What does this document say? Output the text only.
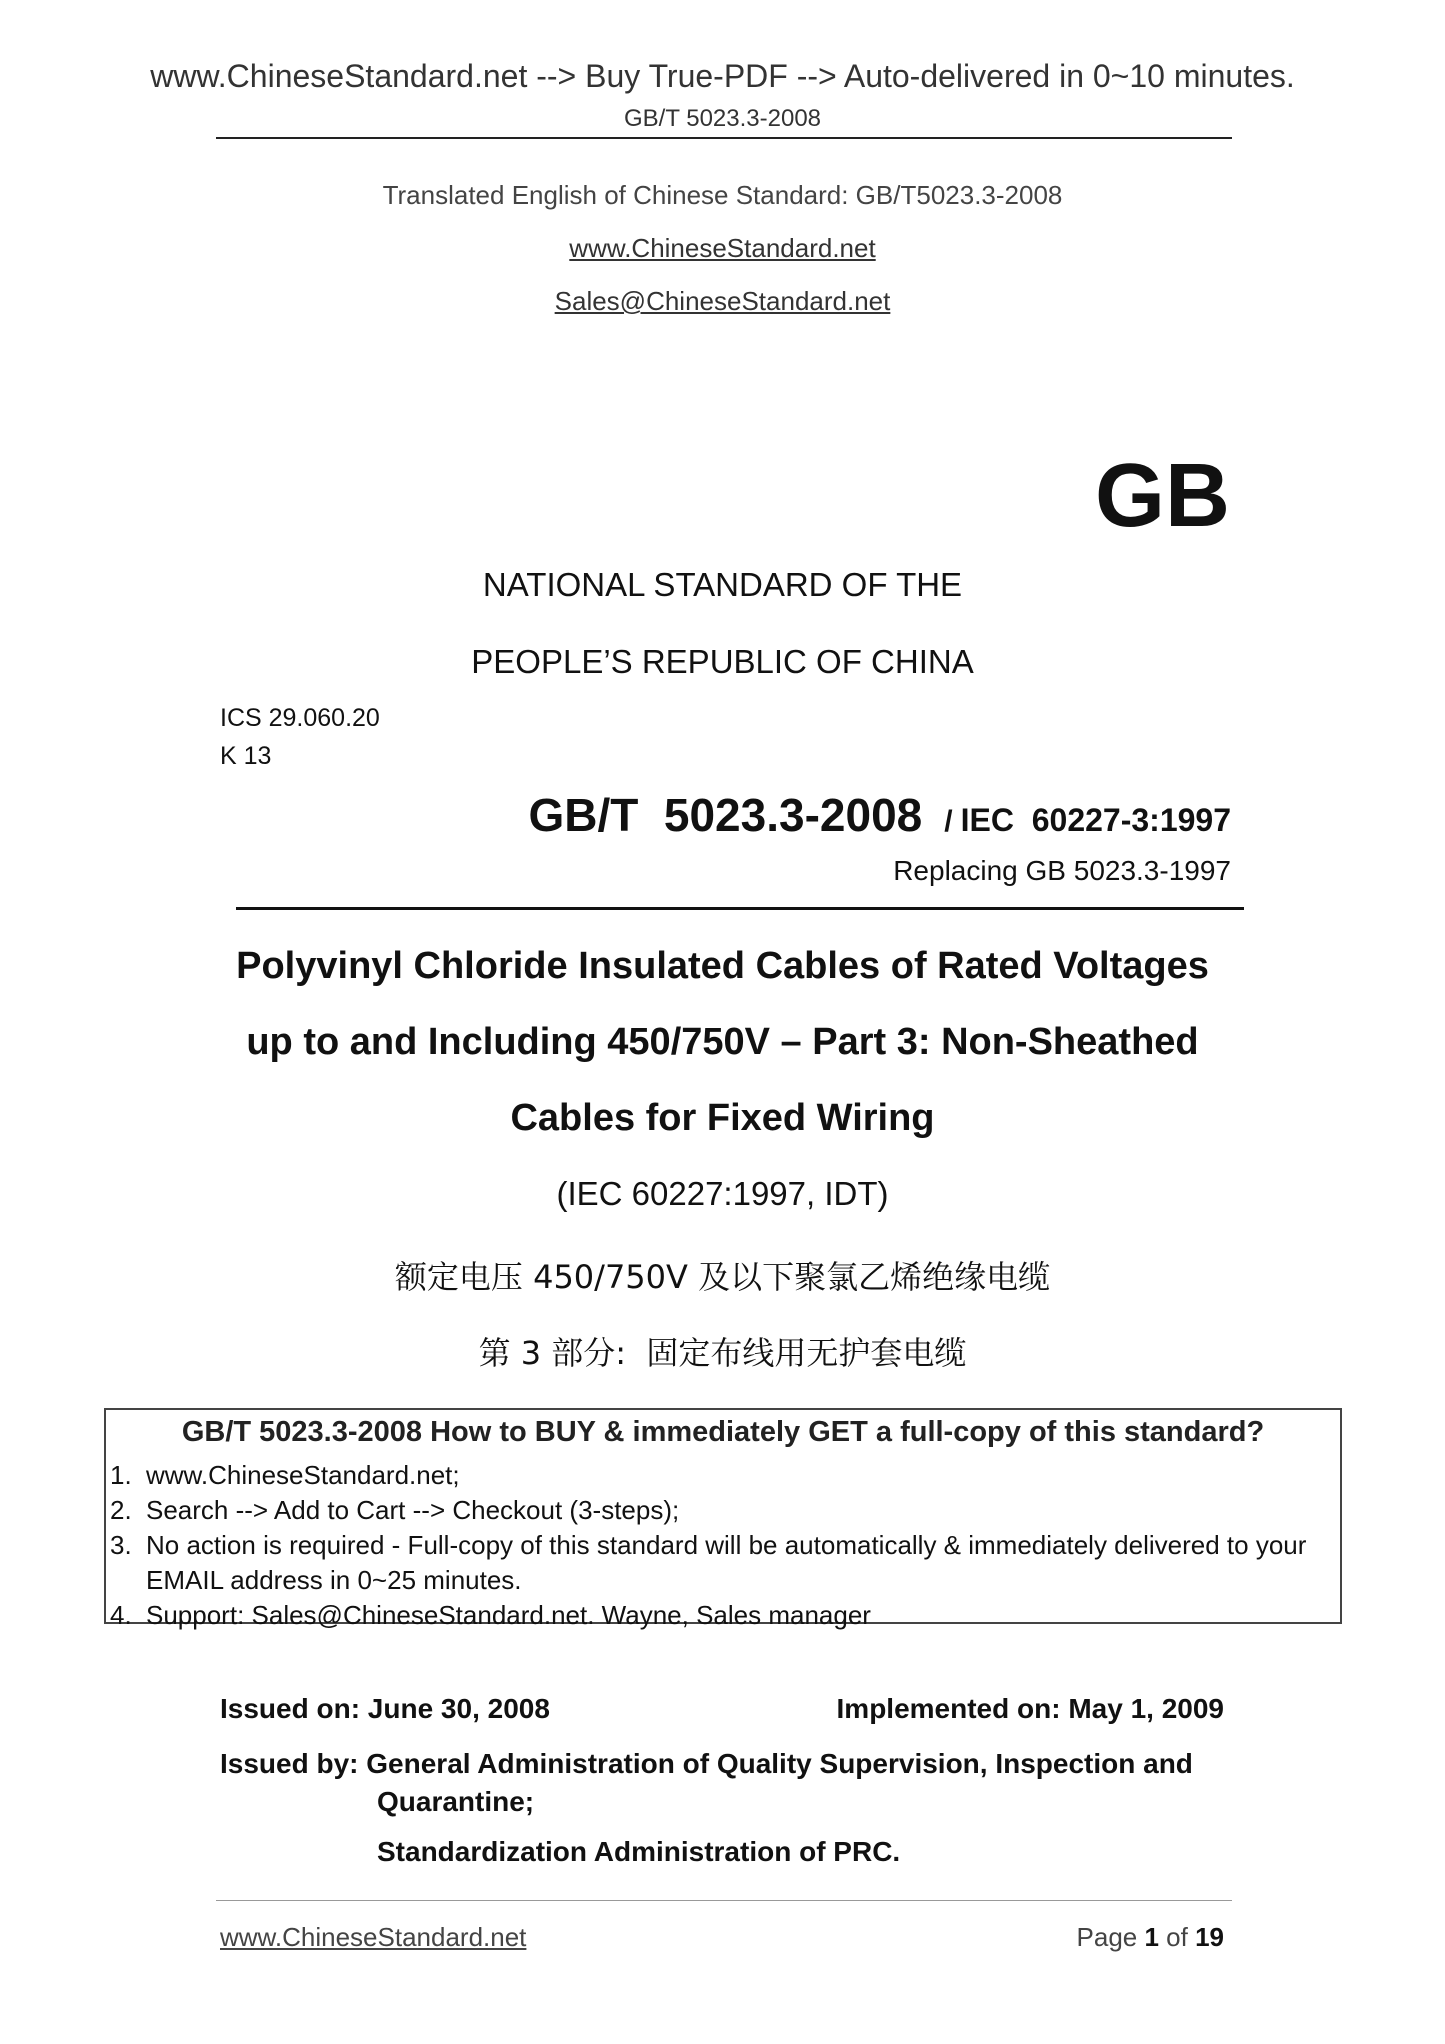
www.ChineseStandard.net --> Buy True-PDF --> Auto-delivered in 0~10 minutes.
GB/T 5023.3-2008
Translated English of Chinese Standard: GB/T5023.3-2008
www.ChineseStandard.net
Sales@ChineseStandard.net
GB
NATIONAL STANDARD OF THE
PEOPLE’S REPUBLIC OF CHINA
ICS 29.060.20
K 13
GB/T  5023.3-2008 / IEC  60227-3:1997
Replacing GB 5023.3-1997
Polyvinyl Chloride Insulated Cables of Rated Voltages
up to and Including 450/750V – Part 3: Non-Sheathed
Cables for Fixed Wiring
(IEC 60227:1997, IDT)
额定电压 450/750V 及以下聚氯乙烯绝缘电缆
第 3 部分:  固定布线用无护套电缆
GB/T 5023.3-2008 How to BUY & immediately GET a full-copy of this standard?
1. www.ChineseStandard.net;
2. Search --> Add to Cart --> Checkout (3-steps);
3. No action is required - Full-copy of this standard will be automatically & immediately delivered to your EMAIL address in 0~25 minutes.
4. Support: Sales@ChineseStandard.net. Wayne, Sales manager
Issued on: June 30, 2008	Implemented on: May 1, 2009
Issued by: General Administration of Quality Supervision, Inspection and
Quarantine;
Standardization Administration of PRC.
www.ChineseStandard.net	Page 1 of 19
